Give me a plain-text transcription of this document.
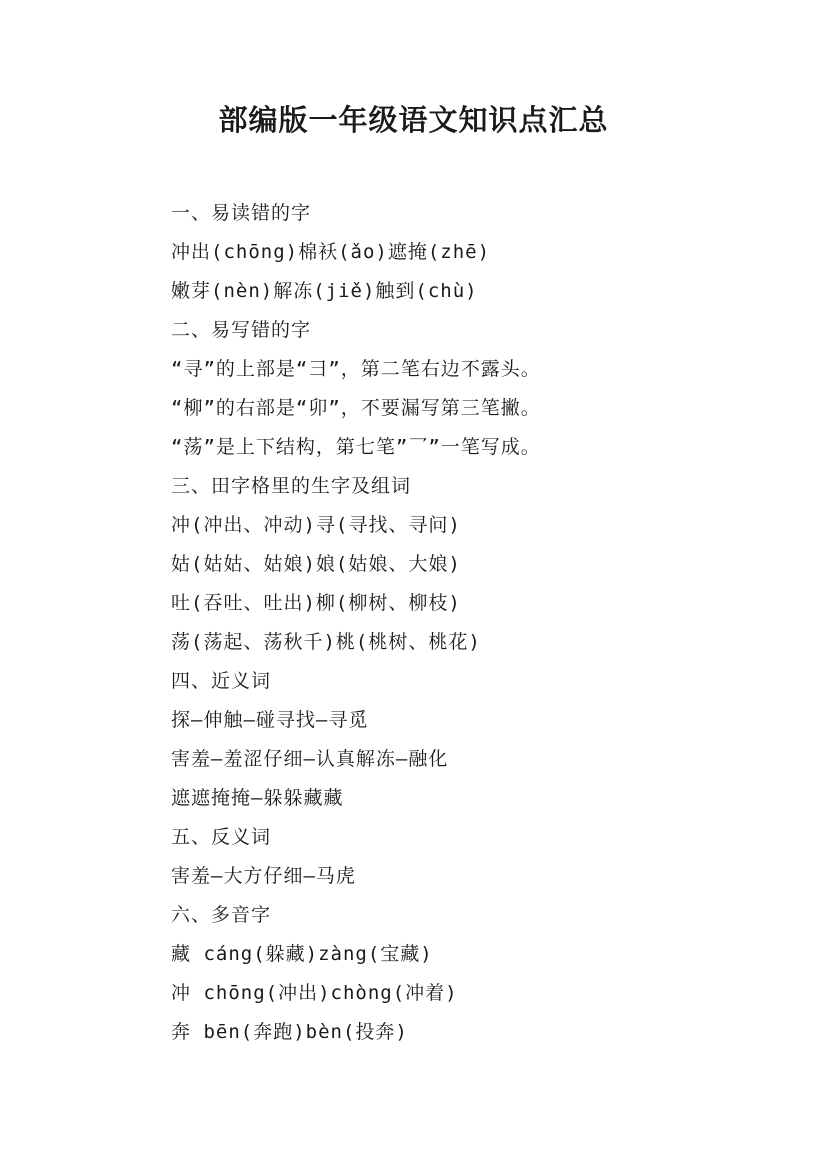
部编版一年级语文知识点汇总
一、易读错的字
冲出(chōng)棉袄(ǎo)遮掩(zhē)
嫩芽(nèn)解冻(jiě)触到(chù)
二、易写错的字
“寻”的上部是“彐”，第二笔右边不露头。
“柳”的右部是“卯”，不要漏写第三笔撇。
“荡”是上下结构，第七笔”乛”一笔写成。
三、田字格里的生字及组词
冲(冲出、冲动)寻(寻找、寻问)
姑(姑姑、姑娘)娘(姑娘、大娘)
吐(吞吐、吐出)柳(柳树、柳枝)
荡(荡起、荡秋千)桃(桃树、桃花)
四、近义词
探—伸触—碰寻找—寻觅
害羞—羞涩仔细—认真解冻—融化
遮遮掩掩—躲躲藏藏
五、反义词
害羞—大方仔细—马虎
六、多音字
藏 cáng(躲藏)zàng(宝藏)
冲 chōng(冲出)chòng(冲着)
奔 bēn(奔跑)bèn(投奔)
